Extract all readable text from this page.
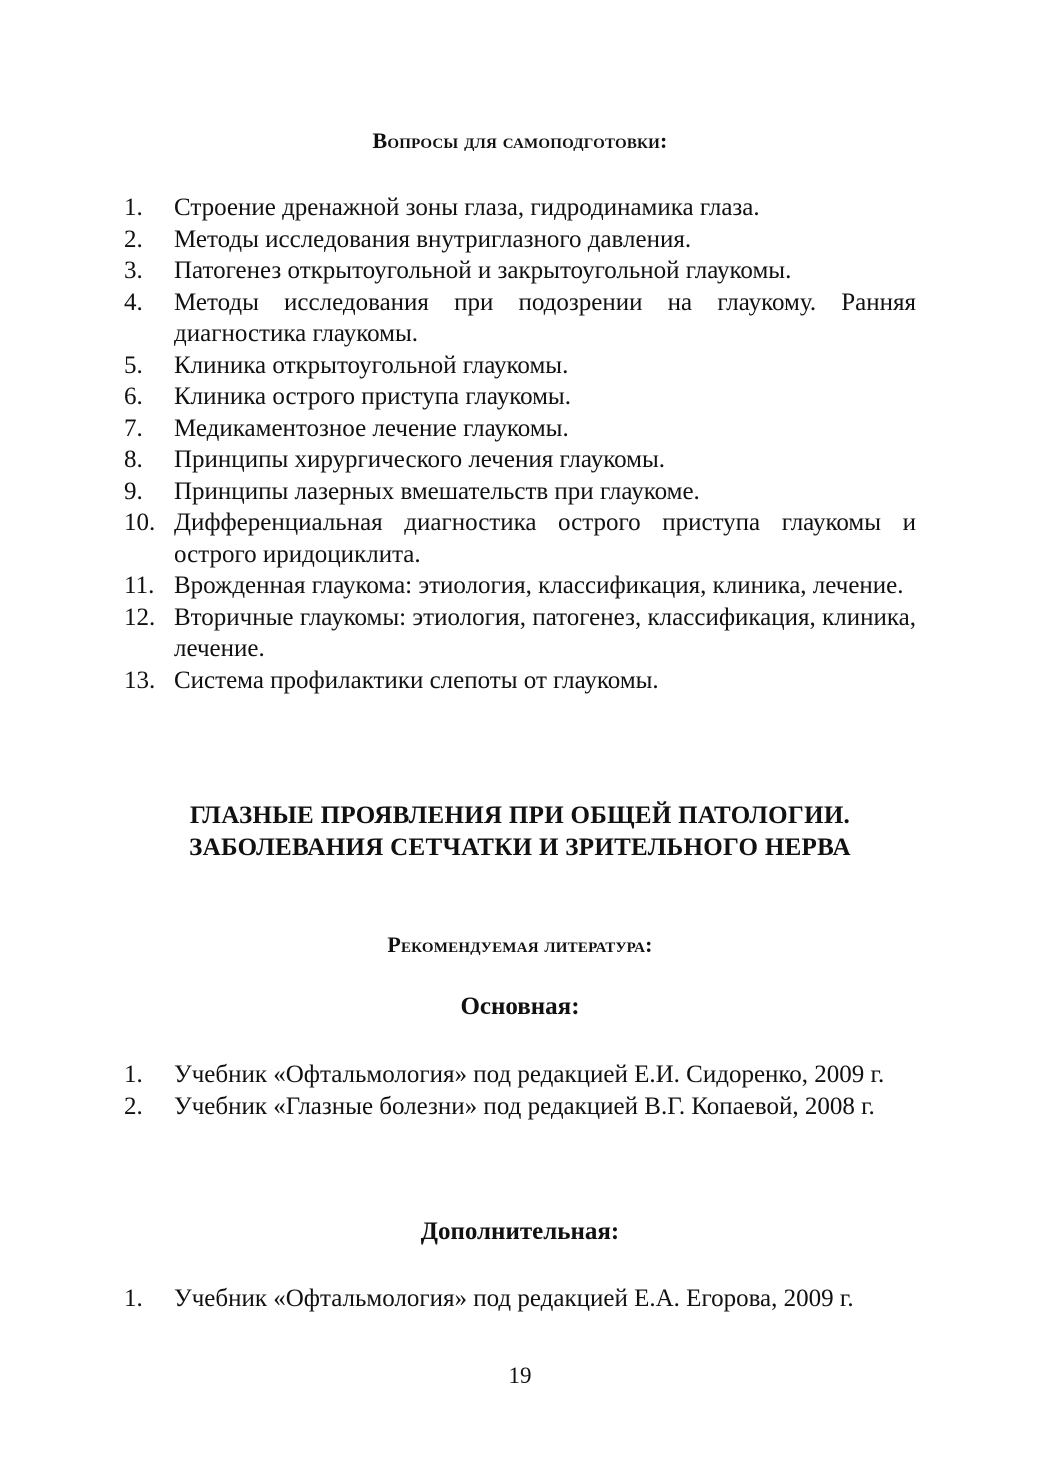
Вопросы для самоподготовки:
1. Строение дренажной зоны глаза, гидродинамика глаза.
2. Методы исследования внутриглазного давления.
3. Патогенез открытоугольной и закрытоугольной глаукомы.
4. Методы исследования при подозрении на глаукому. Ранняя диагностика глаукомы.
5. Клиника открытоугольной глаукомы.
6. Клиника острого приступа глаукомы.
7. Медикаментозное лечение глаукомы.
8. Принципы хирургического лечения глаукомы.
9. Принципы лазерных вмешательств при глаукоме.
10. Дифференциальная диагностика острого приступа глаукомы и острого иридоциклита.
11. Врожденная глаукома: этиология, классификация, клиника, лечение.
12. Вторичные глаукомы: этиология, патогенез, классификация, клиника, лечение.
13. Система профилактики слепоты от глаукомы.
ГЛАЗНЫЕ ПРОЯВЛЕНИЯ ПРИ ОБЩЕЙ ПАТОЛОГИИ.
ЗАБОЛЕВАНИЯ СЕТЧАТКИ И ЗРИТЕЛЬНОГО НЕРВА
Рекомендуемая литература:
Основная:
1. Учебник «Офтальмология» под редакцией Е.И. Сидоренко, 2009 г.
2. Учебник «Глазные болезни» под редакцией В.Г. Копаевой, 2008 г.
Дополнительная:
1. Учебник «Офтальмология» под редакцией Е.А. Егорова, 2009 г.
19
